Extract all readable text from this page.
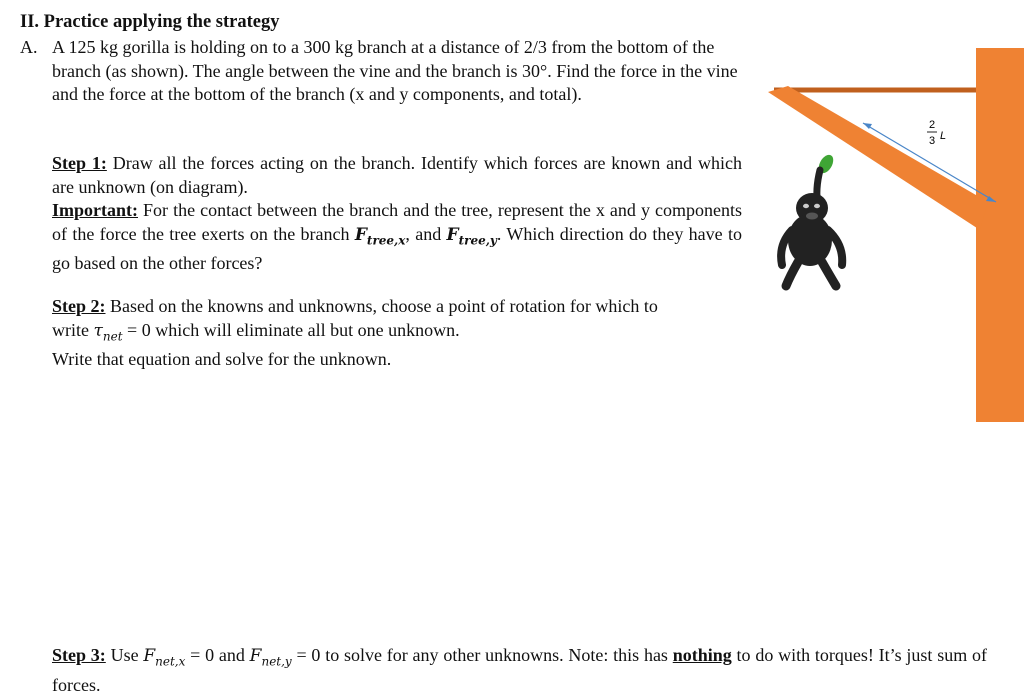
II. Practice applying the strategy
A. A 125 kg gorilla is holding on to a 300 kg branch at a distance of 2/3 from the bottom of the branch (as shown). The angle between the vine and the branch is 30°. Find the force in the vine and the force at the bottom of the branch (x and y components, and total).
Step 1: Draw all the forces acting on the branch. Identify which forces are known and which are unknown (on diagram).
Important: For the contact between the branch and the tree, represent the x and y components of the force the tree exerts on the branch $F_{tree,x}$, and $F_{tree,y}$. Which direction do they have to go based on the other forces?
Step 2: Based on the knowns and unknowns, choose a point of rotation for which to write $\tau_{net} = 0$ which will eliminate all but one unknown.
Write that equation and solve for the unknown.
Step 3: Use $F_{net,x} = 0$ and $F_{net,y} = 0$ to solve for any other unknowns. Note: this has nothing to do with torques! It’s just sum of forces.
2
3 L
